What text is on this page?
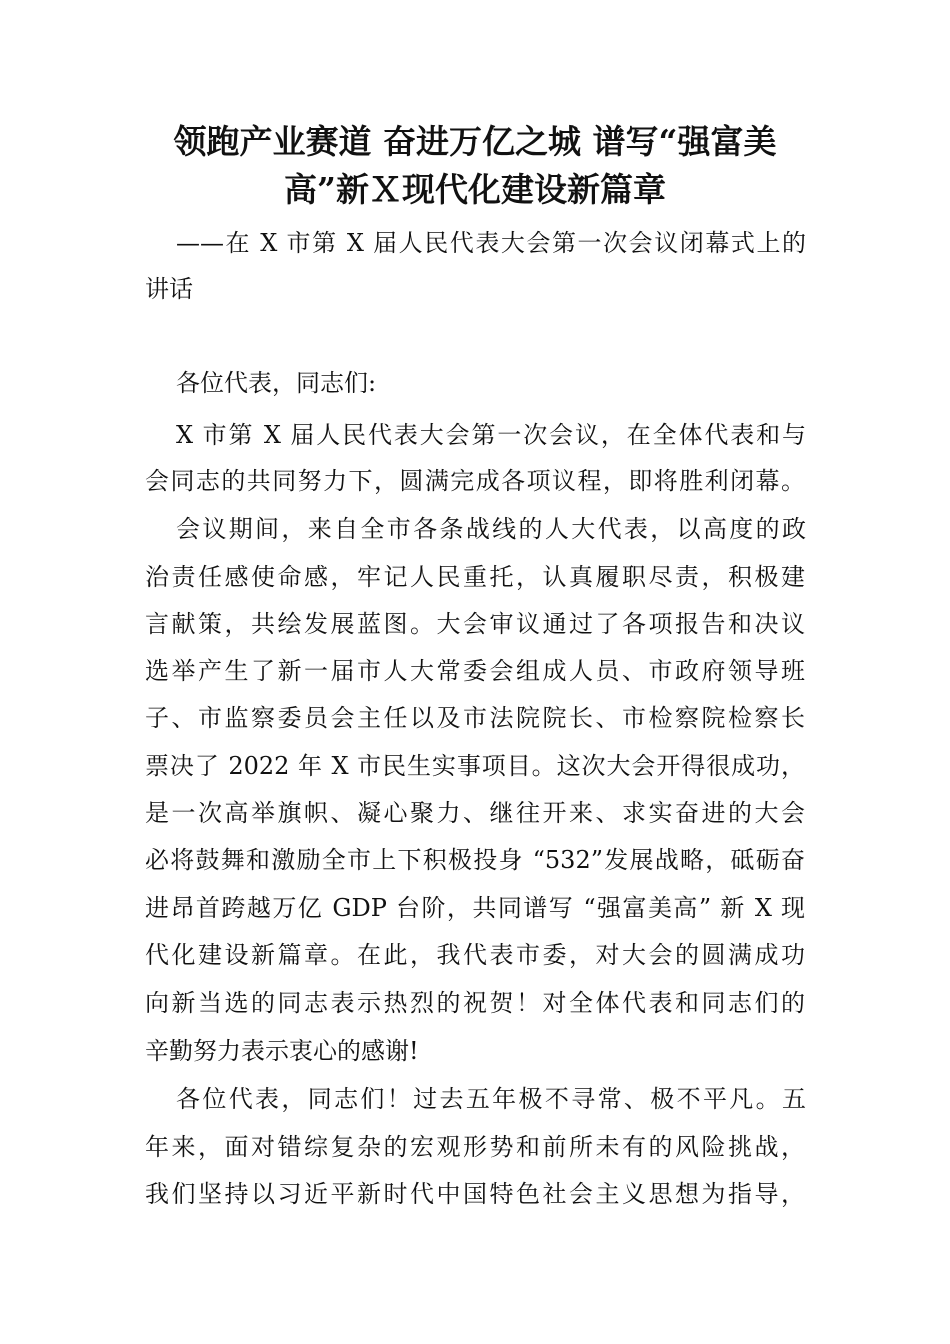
领跑产业赛道 奋进万亿之城 谱写“强富美
高”新Ｘ现代化建设新篇章

——在 X 市第 X 届人民代表大会第一次会议闭幕式上的

讲话

各位代表，同志们:

X 市第 X 届人民代表大会第一次会议，在全体代表和与

会同志的共同努力下，圆满完成各项议程，即将胜利闭幕。

会议期间，来自全市各条战线的人大代表，以高度的政

治责任感使命感，牢记人民重托，认真履职尽责，积极建

言献策，共绘发展蓝图。大会审议通过了各项报告和决议

选举产生了新一届市人大常委会组成人员、市政府领导班

子、市监察委员会主任以及市法院院长、市检察院检察长

票决了 2022 年 X 市民生实事项目。这次大会开得很成功，

是一次高举旗帜、凝心聚力、继往开来、求实奋进的大会

必将鼓舞和激励全市上下积极投身 “532”发展战略，砥砺奋

进昂首跨越万亿 GDP 台阶，共同谱写 “强富美高” 新 X 现

代化建设新篇章。在此，我代表市委，对大会的圆满成功

向新当选的同志表示热烈的祝贺！对全体代表和同志们的

辛勤努力表示衷心的感谢!

各位代表，同志们！过去五年极不寻常、极不平凡。五

年来，面对错综复杂的宏观形势和前所未有的风险挑战，

我们坚持以习近平新时代中国特色社会主义思想为指导，
